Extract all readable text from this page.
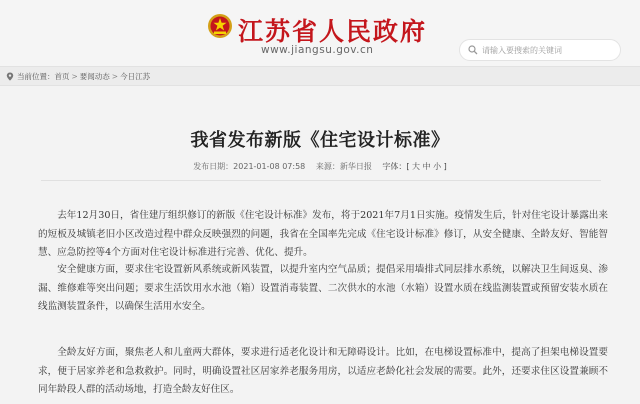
江苏省人民政府
www.jiangsu.gov.cn
请输入要搜索的关键词
当前位置： 首页 > 要闻动态 > 今日江苏
我省发布新版《住宅设计标准》
发布日期：2021-01-08 07:58 来源：新华日报 字体：[ 大 中 小 ]

去年12月30日，省住建厅组织修订的新版《住宅设计标准》发布，将于2021年7月1日实施。疫情发生后，针对住宅设计暴露出来的短板及城镇老旧小区改造过程中群众反映强烈的问题，我省在全国率先完成《住宅设计标准》修订，从安全健康、全龄友好、智能智慧、应急防控等4个方面对住宅设计标准进行完善、优化、提升。

安全健康方面，要求住宅设置新风系统或新风装置，以提升室内空气品质；提倡采用墙排式同层排水系统，以解决卫生间返臭、渗漏、维修难等突出问题；要求生活饮用水水池（箱）设置消毒装置、二次供水的水池（水箱）设置水质在线监测装置或预留安装水质在线监测装置条件，以确保生活用水安全。

全龄友好方面，聚焦老人和儿童两大群体，要求进行适老化设计和无障碍设计。比如，在电梯设置标准中，提高了担架电梯设置要求，便于居家养老和急救救护。同时，明确设置社区居家养老服务用房，以适应老龄化社会发展的需要。此外，还要求住区设置兼顾不同年龄段人群的活动场地，打造全龄友好住区。
